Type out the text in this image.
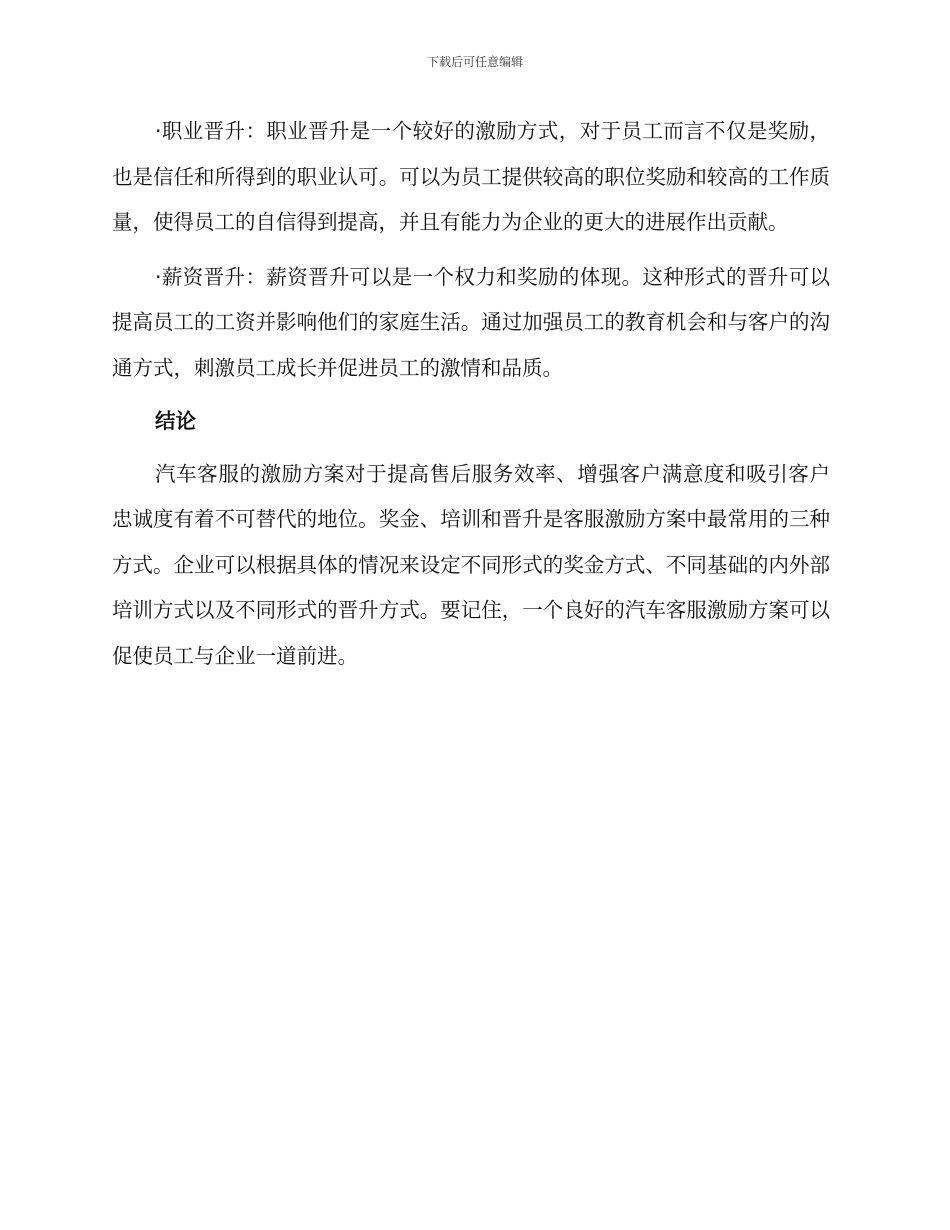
下载后可任意编辑

·职业晋升：职业晋升是一个较好的激励方式，对于员工而言不仅是奖励，也是信任和所得到的职业认可。可以为员工提供较高的职位奖励和较高的工作质量，使得员工的自信得到提高，并且有能力为企业的更大的进展作出贡献。

·薪资晋升：薪资晋升可以是一个权力和奖励的体现。这种形式的晋升可以提高员工的工资并影响他们的家庭生活。通过加强员工的教育机会和与客户的沟通方式，刺激员工成长并促进员工的激情和品质。

结论

汽车客服的激励方案对于提高售后服务效率、增强客户满意度和吸引客户忠诚度有着不可替代的地位。奖金、培训和晋升是客服激励方案中最常用的三种方式。企业可以根据具体的情况来设定不同形式的奖金方式、不同基础的内外部培训方式以及不同形式的晋升方式。要记住，一个良好的汽车客服激励方案可以促使员工与企业一道前进。
